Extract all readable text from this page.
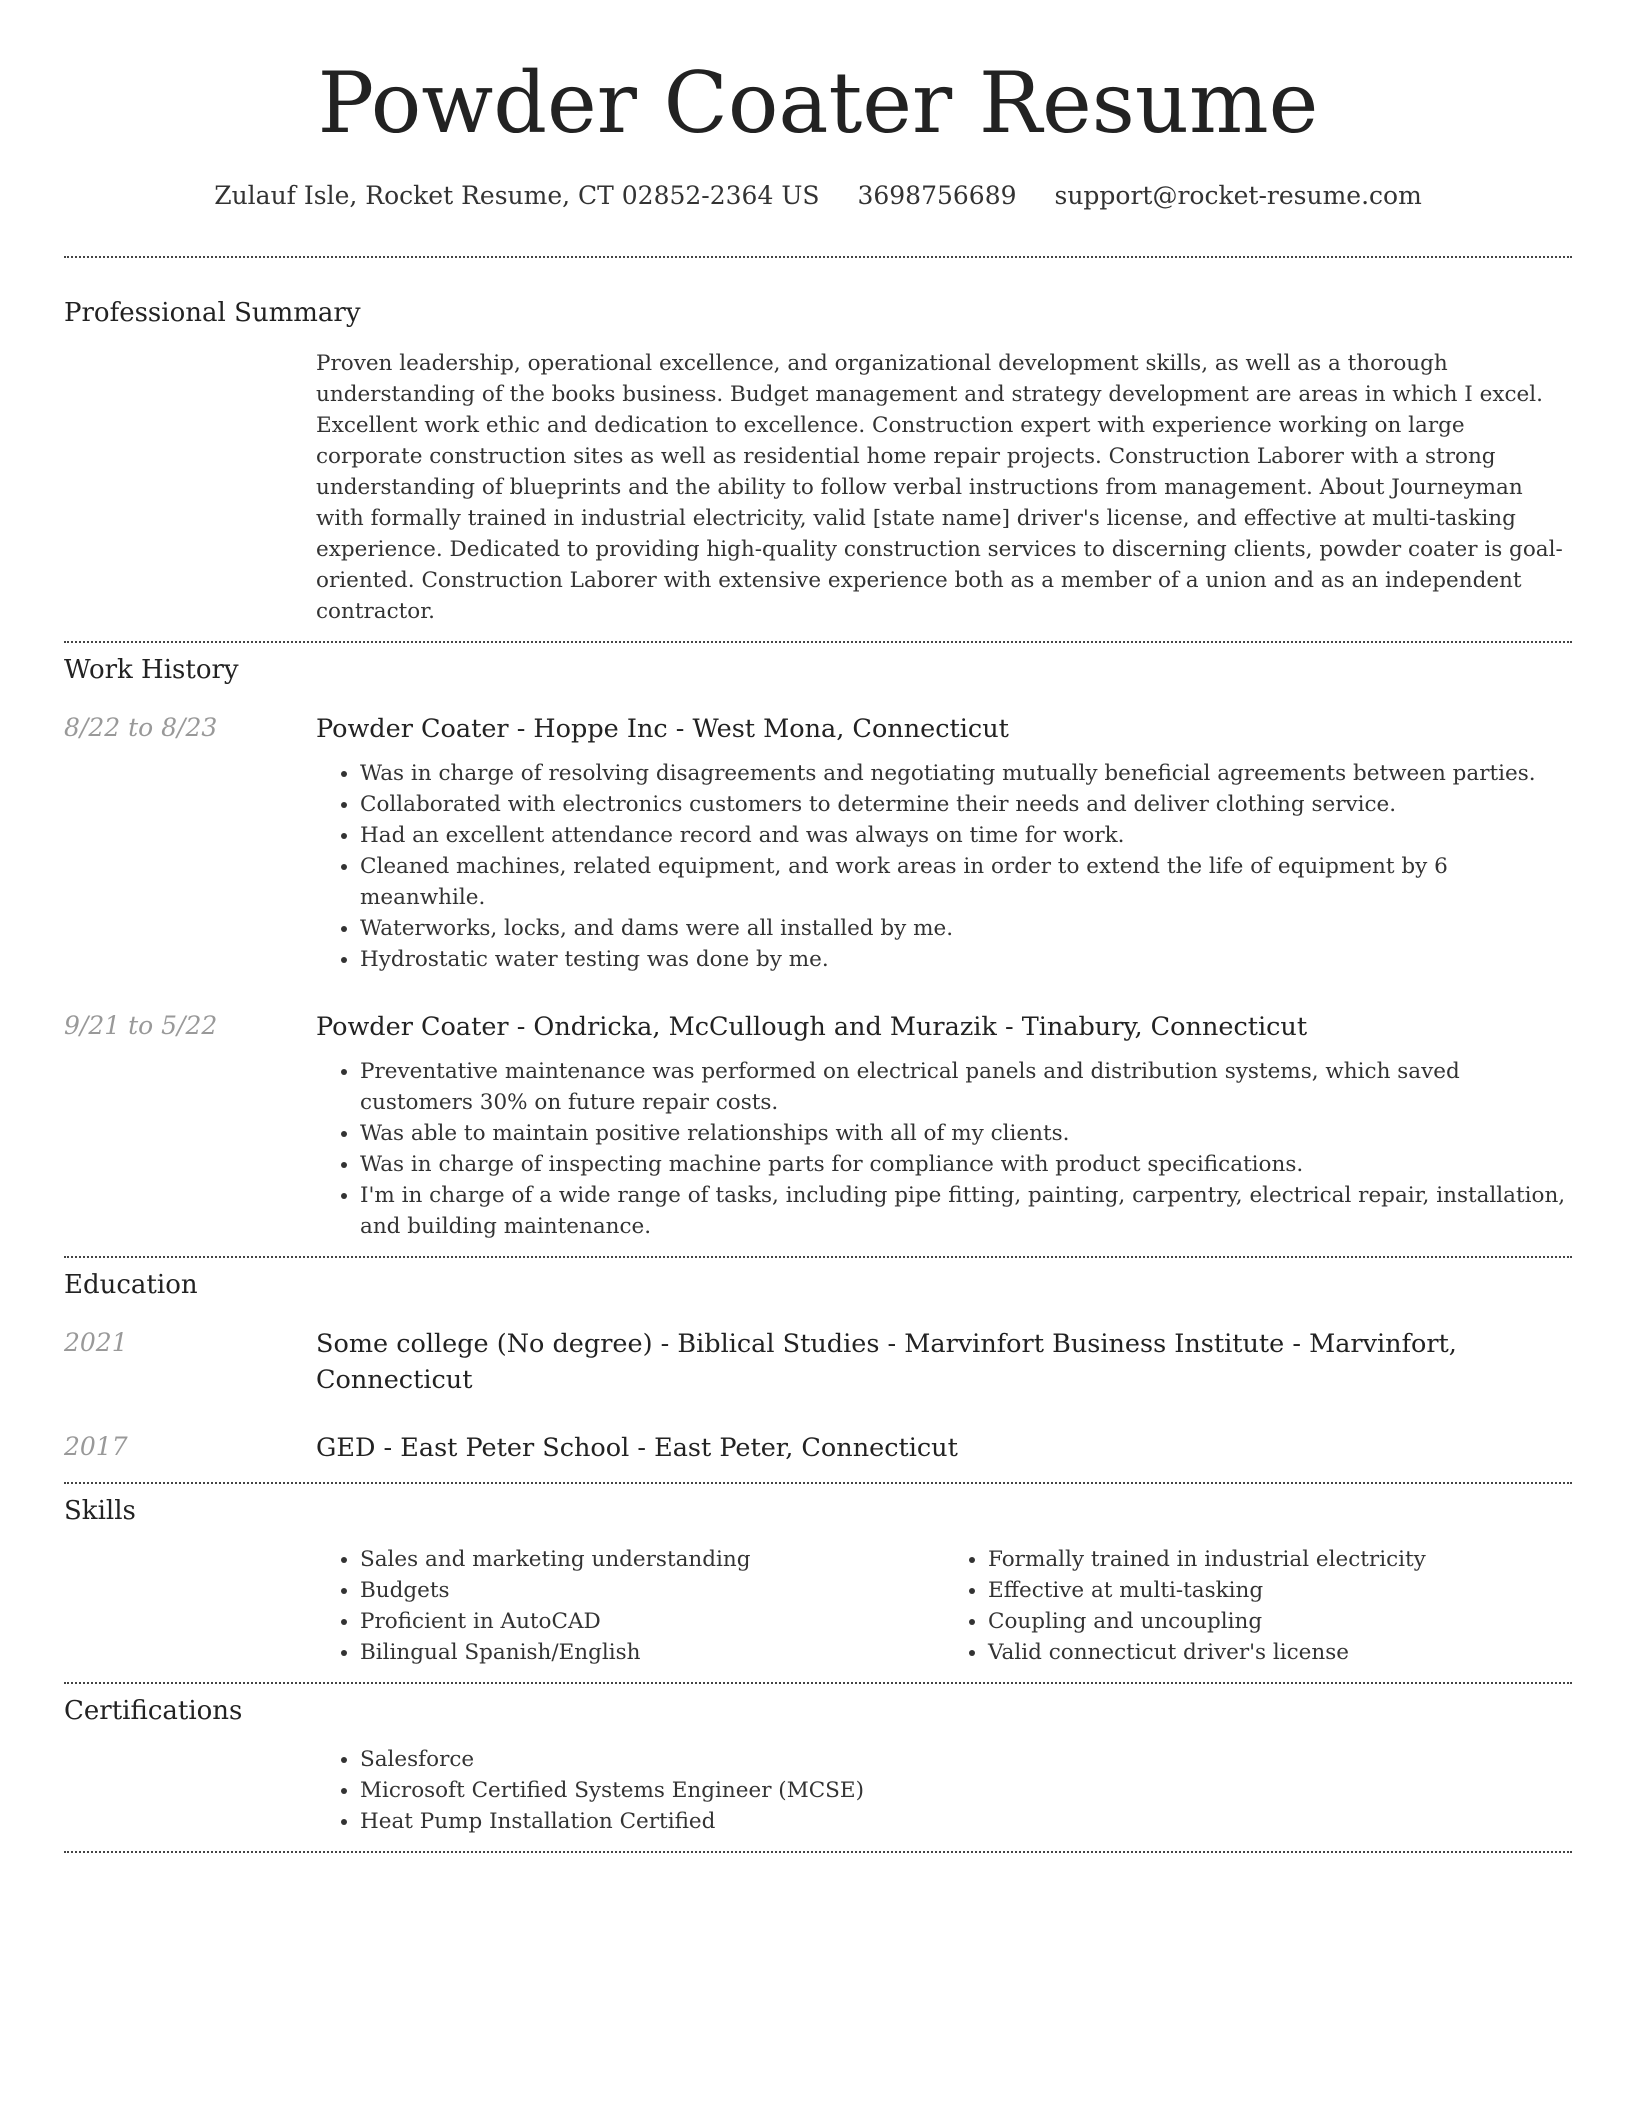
Powder Coater Resume
Zulauf Isle, Rocket Resume, CT 02852-2364 US 3698756689 support@rocket-resume.com
Professional Summary

Proven leadership, operational excellence, and organizational development skills, as well as a thorough understanding of the books business. Budget management and strategy development are areas in which I excel. Excellent work ethic and dedication to excellence. Construction expert with experience working on large corporate construction sites as well as residential home repair projects. Construction Laborer with a strong understanding of blueprints and the ability to follow verbal instructions from management. About Journeyman with formally trained in industrial electricity, valid [state name] driver's license, and effective at multi-tasking experience. Dedicated to providing high-quality construction services to discerning clients, powder coater is goal-oriented. Construction Laborer with extensive experience both as a member of a union and as an independent contractor.

Work History
8/22 to 8/23	Powder Coater - Hoppe Inc - West Mona, Connecticut

• Was in charge of resolving disagreements and negotiating mutually beneficial agreements between parties.
• Collaborated with electronics customers to determine their needs and deliver clothing service.
• Had an excellent attendance record and was always on time for work.
• Cleaned machines, related equipment, and work areas in order to extend the life of equipment by 6 meanwhile.
• Waterworks, locks, and dams were all installed by me.
• Hydrostatic water testing was done by me.
9/21 to 5/22	Powder Coater - Ondricka, McCullough and Murazik - Tinabury, Connecticut

• Preventative maintenance was performed on electrical panels and distribution systems, which saved customers 30% on future repair costs.
• Was able to maintain positive relationships with all of my clients.
• Was in charge of inspecting machine parts for compliance with product specifications.
• I'm in charge of a wide range of tasks, including pipe fitting, painting, carpentry, electrical repair, installation, and building maintenance.
Education
2021	Some college (No degree) - Biblical Studies - Marvinfort Business Institute - Marvinfort, Connecticut

2017	GED - East Peter School - East Peter, Connecticut

Skills
• Sales and marketing understanding
• Budgets
• Proficient in AutoCAD
• Bilingual Spanish/English
• Formally trained in industrial electricity
• Effective at multi-tasking
• Coupling and uncoupling
• Valid connecticut driver's license
Certifications
• Salesforce
• Microsoft Certified Systems Engineer (MCSE)
• Heat Pump Installation Certified
